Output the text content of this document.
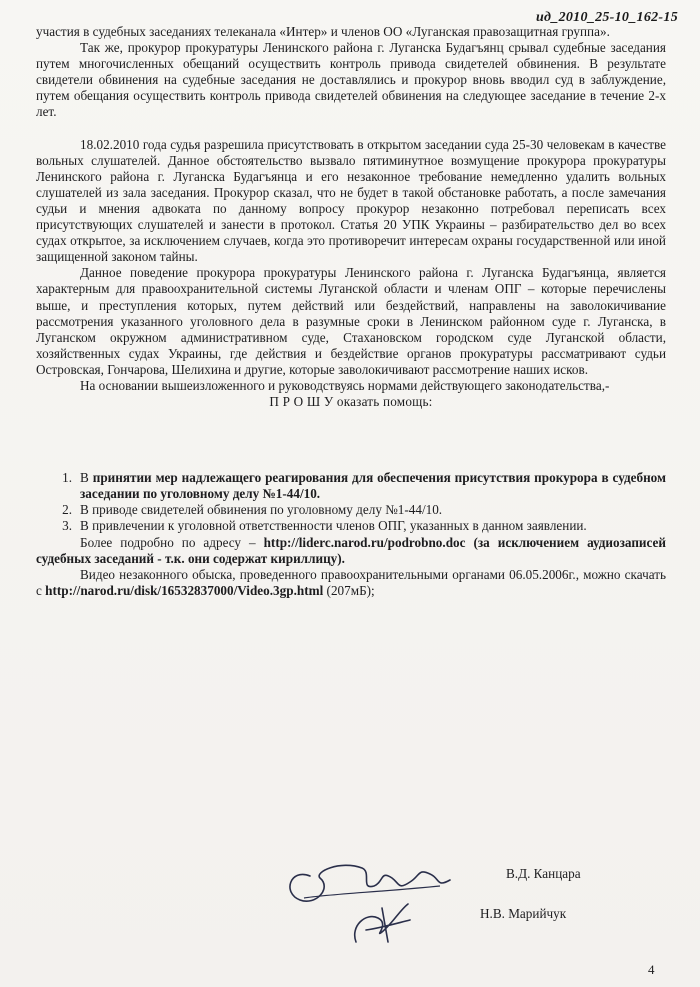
ид_2010_25-10_162-15

участия в судебных заседаниях телеканала «Интер» и членов ОО «Луганская правозащитная группа».

Так же, прокурор прокуратуры Ленинского района г. Луганска Будагъянц срывал судебные заседания путем многочисленных обещаний осуществить контроль привода свидетелей обвинения. В результате свидетели обвинения на судебные заседания не доставлялись и прокурор вновь вводил суд в заблуждение, путем обещания осуществить контроль привода свидетелей обвинения на следующее заседание в течение 2-х лет.

18.02.2010 года судья разрешила присутствовать в открытом заседании суда 25-30 человекам в качестве вольных слушателей. Данное обстоятельство вызвало пятиминутное возмущение прокурора прокуратуры Ленинского района г. Луганска Будагъянца и его незаконное требование немедленно удалить вольных слушателей из зала заседания. Прокурор сказал, что не будет в такой обстановке работать, а после замечания судьи и мнения адвоката по данному вопросу прокурор незаконно потребовал переписать всех присутствующих слушателей и занести в протокол. Статья 20 УПК Украины – разбирательство дел во всех судах открытое, за исключением случаев, когда это противоречит интересам охраны государственной или иной защищенной законом тайны.

Данное поведение прокурора прокуратуры Ленинского района г. Луганска Будагъянца, является характерным для правоохранительной системы Луганской области и членам ОПГ – которые перечислены выше, и преступления которых, путем действий или бездействий, направлены на заволокичивание рассмотрения указанного уголовного дела в разумные сроки в Ленинском районном суде г. Луганска, в Луганском окружном административном суде, Стахановском городском суде Луганской области, хозяйственных судах Украины, где действия и бездействие органов прокуратуры рассматривают судьи Островская, Гончарова, Шелихина и другие, которые заволокичивают рассмотрение наших исков.

На основании вышеизложенного и руководствуясь нормами действующего законодательства,-

П Р О Ш У оказать помощь:

1. В принятии мер надлежащего реагирования для обеспечения присутствия прокурора в судебном заседании по уголовному делу №1-44/10.
2. В приводе свидетелей обвинения по уголовному делу №1-44/10.
3. В привлечении к уголовной ответственности членов ОПГ, указанных в данном заявлении.

Более подробно по адресу – http://liderc.narod.ru/podrobno.doc (за исключением аудиозаписей судебных заседаний - т.к. они содержат кириллицу).

Видео незаконного обыска, проведенного правоохранительными органами 06.05.2006г., можно скачать с http://narod.ru/disk/16532837000/Video.3gp.html (207мБ);

В.Д. Канцара
Н.В. Марийчук
4
